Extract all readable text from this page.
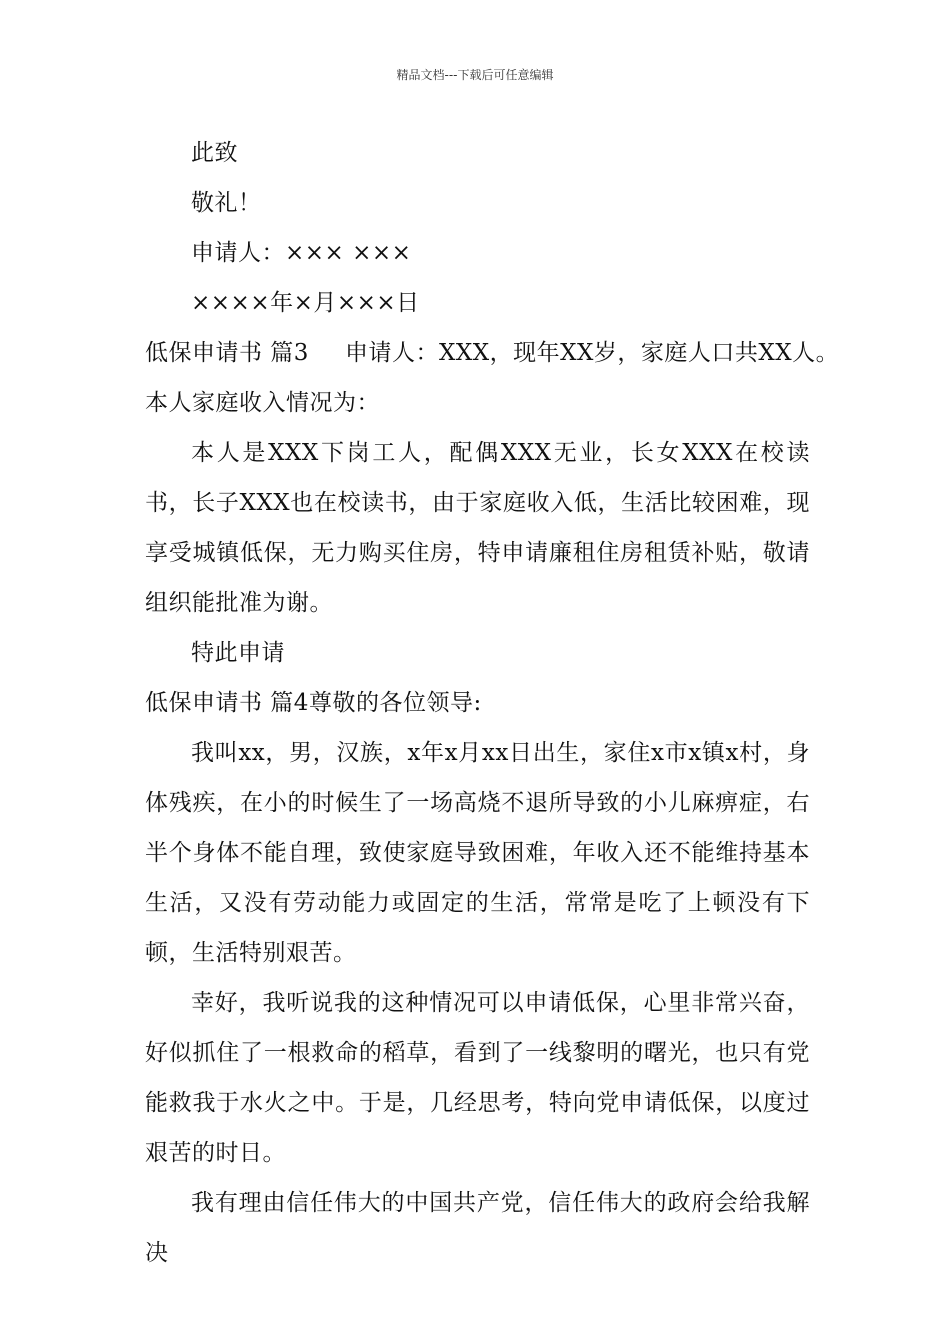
精品文档---下载后可任意编辑
此致
敬礼！
申请人：××× ×××
××××年×月×××日
低保申请书 篇3 申请人：XXX，现年XX岁，家庭人口共XX人。
本人家庭收入情况为：
本人是XXX下岗工人，配偶XXX无业，长女XXX在校读书，长子XXX也在校读书，由于家庭收入低，生活比较困难，现享受城镇低保，无力购买住房，特申请廉租住房租赁补贴，敬请组织能批准为谢。
特此申请
低保申请书 篇4尊敬的各位领导:
我叫xx，男，汉族，x年x月xx日出生，家住x市x镇x村，身体残疾，在小的时候生了一场高烧不退所导致的小儿麻痹症，右半个身体不能自理，致使家庭导致困难，年收入还不能维持基本生活，又没有劳动能力或固定的生活，常常是吃了上顿没有下顿，生活特别艰苦。
幸好，我听说我的这种情况可以申请低保，心里非常兴奋，好似抓住了一根救命的稻草，看到了一线黎明的曙光，也只有党能救我于水火之中。于是，几经思考，特向党申请低保，以度过艰苦的时日。
我有理由信任伟大的中国共产党，信任伟大的政府会给我解决
